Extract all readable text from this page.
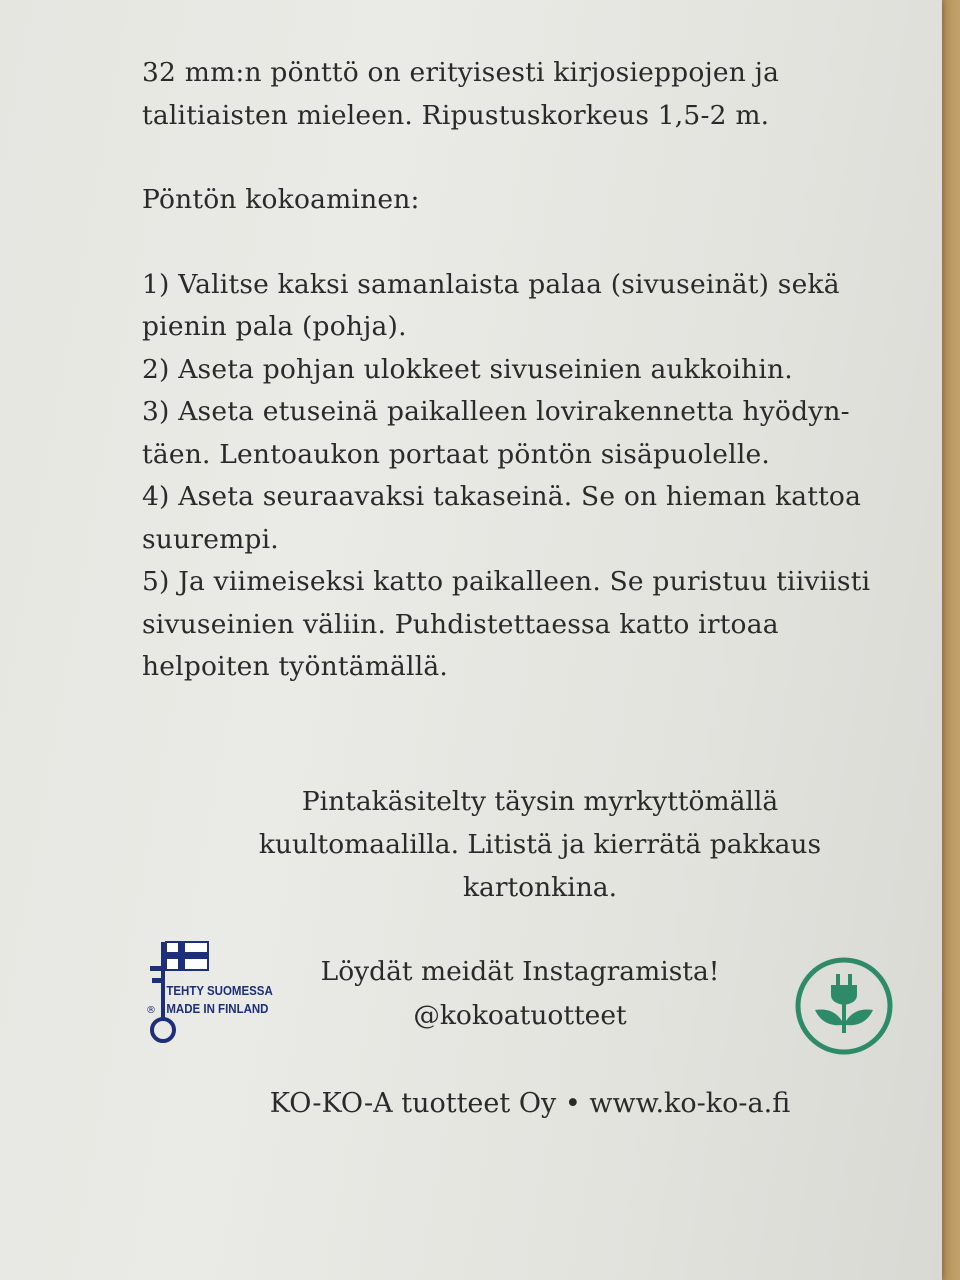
32 mm:n pönttö on erityisesti kirjosieppojen ja

talitiaisten mieleen. Ripustuskorkeus 1,5-2 m.

Pöntön kokoaminen:

1) Valitse kaksi samanlaista palaa (sivuseinät) sekä

pienin pala (pohja).

2) Aseta pohjan ulokkeet sivuseinien aukkoihin.

3) Aseta etuseinä paikalleen lovirakennetta hyödyn-

täen. Lentoaukon portaat pöntön sisäpuolelle.

4) Aseta seuraavaksi takaseinä. Se on hieman kattoa

suurempi.

5) Ja viimeiseksi katto paikalleen. Se puristuu tiiviisti

sivuseinien väliin. Puhdistettaessa katto irtoaa

helpoiten työntämällä.

Pintakäsitelty täysin myrkyttömällä

kuultomaalilla. Litistä ja kierrätä pakkaus

kartonkina.

®
TEHTY SUOMESSA
MADE IN FINLAND

Löydät meidät Instagramista!

@kokoatuotteet

KO-KO-A tuotteet Oy • www.ko-ko-a.fi
